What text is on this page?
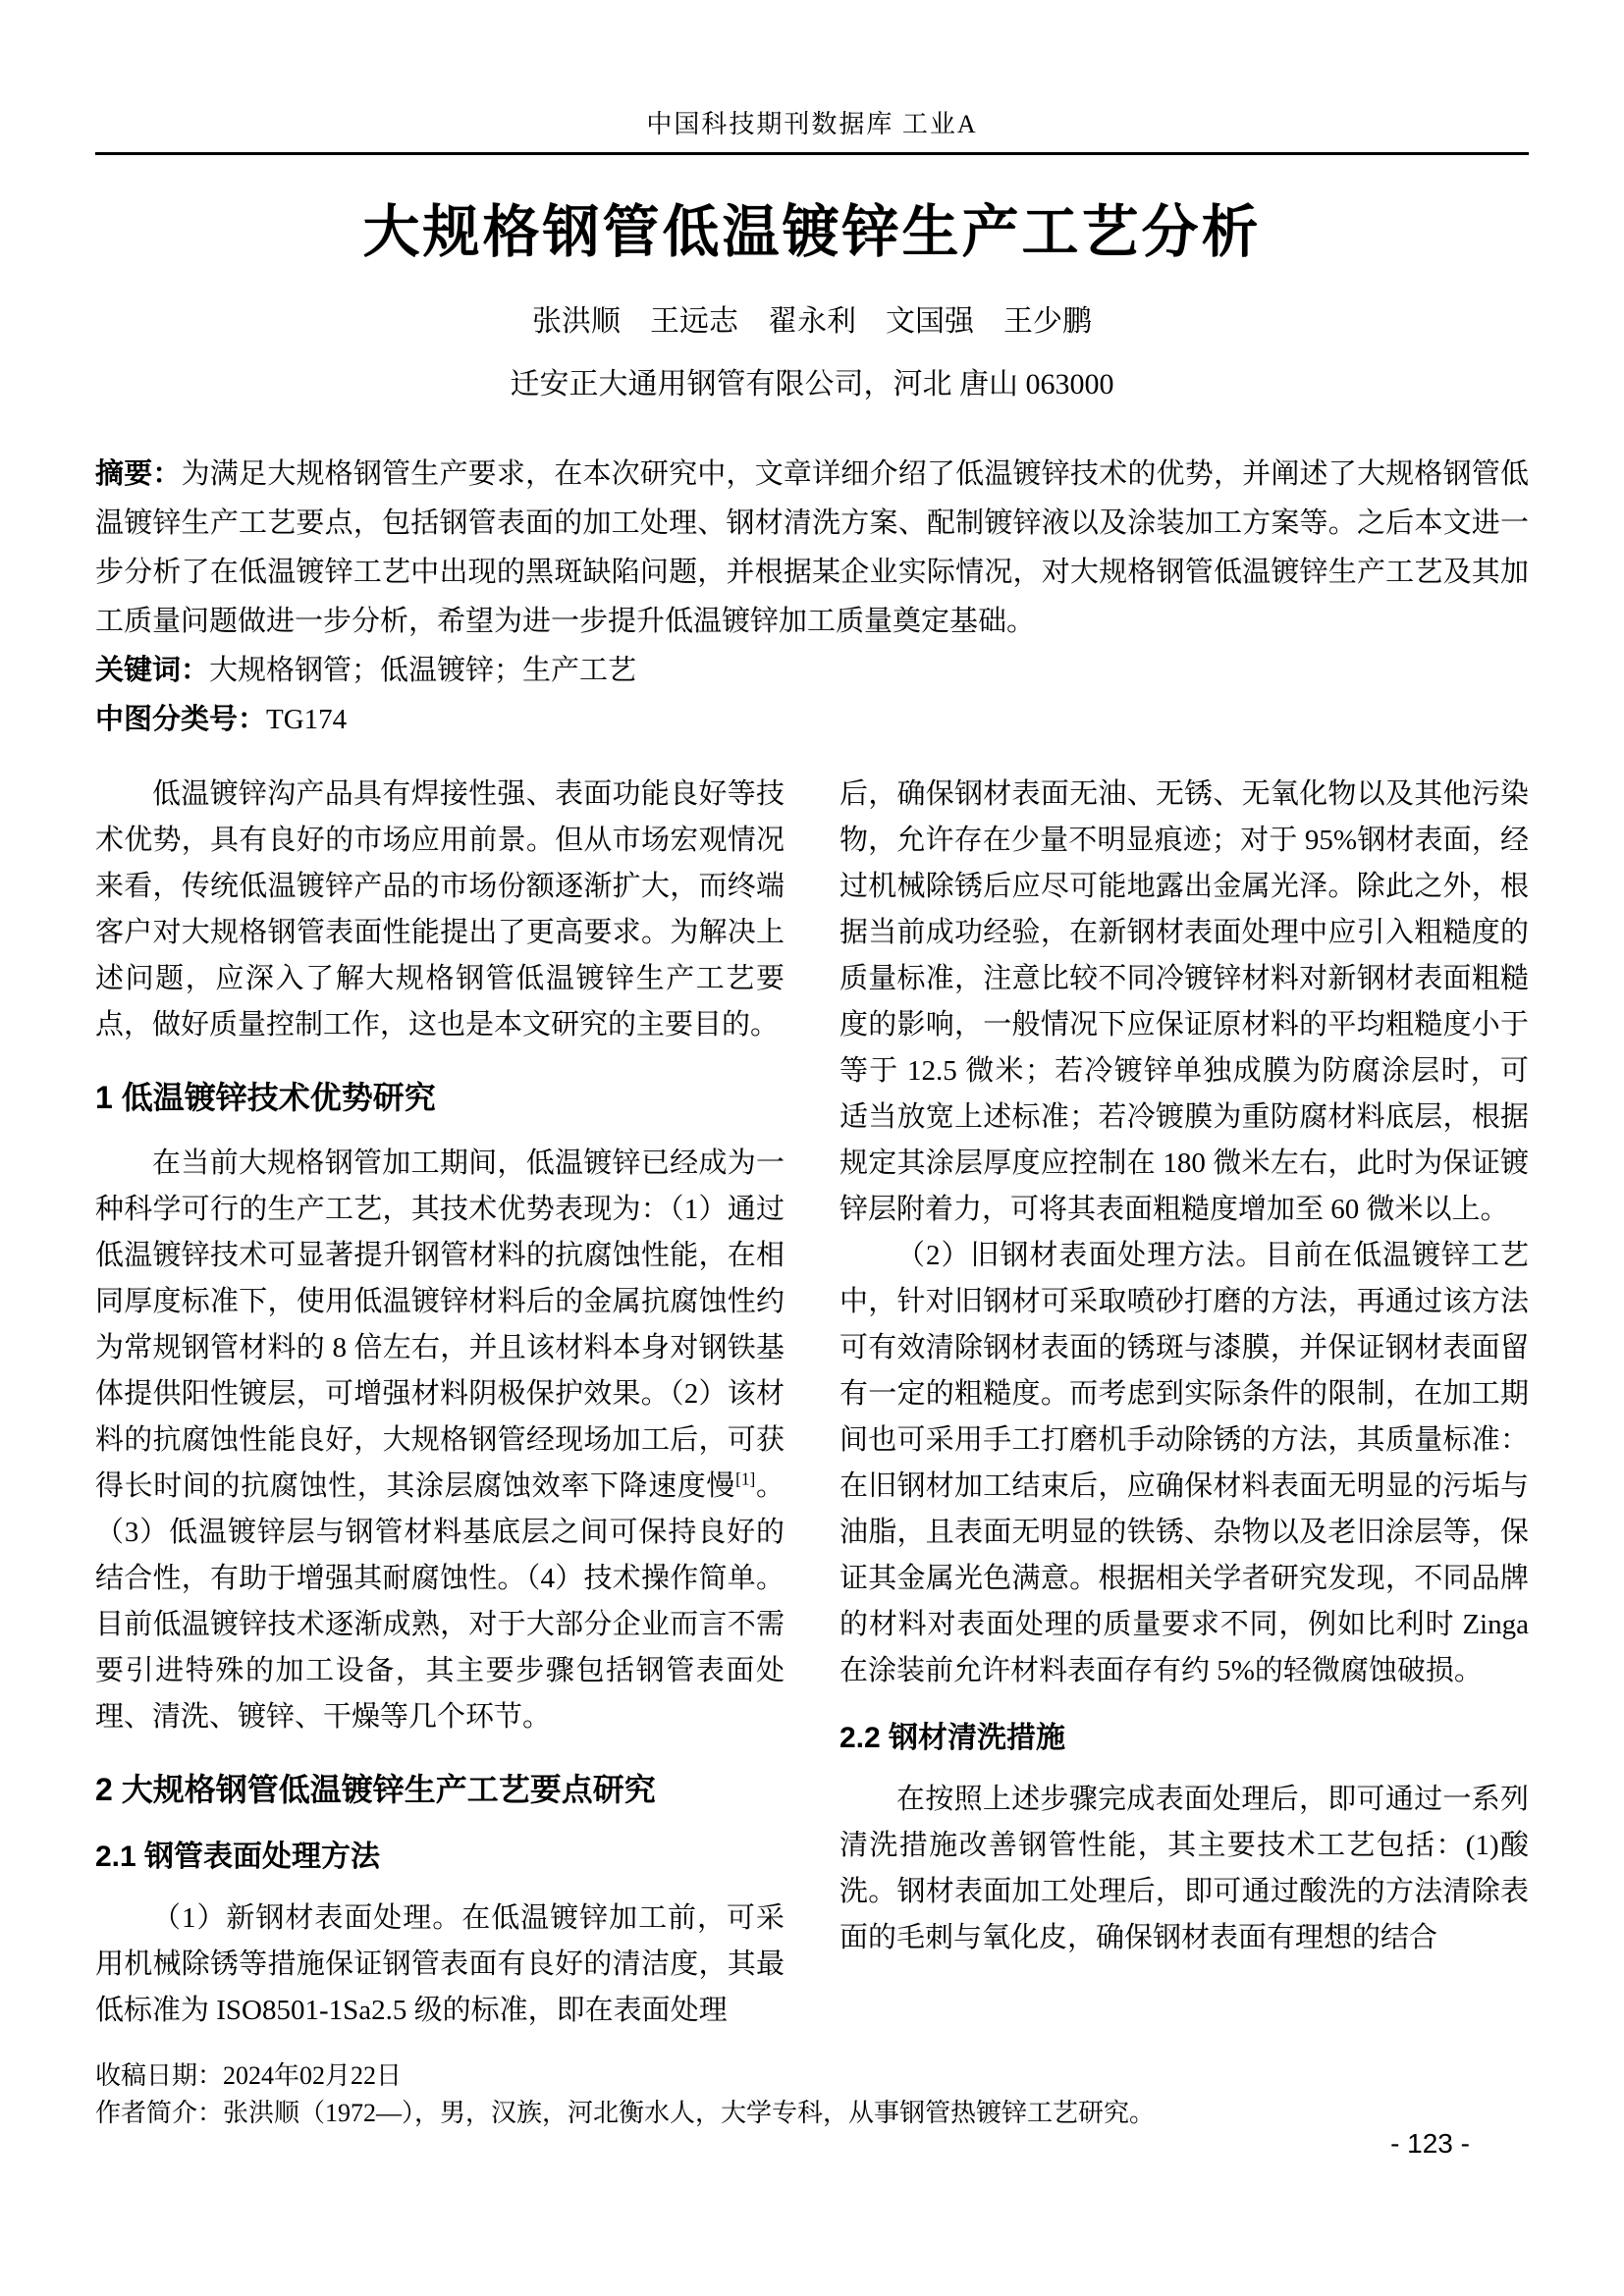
中国科技期刊数据库 工业A
大规格钢管低温镀锌生产工艺分析
张洪顺　王远志　翟永利　文国强　王少鹏
迁安正大通用钢管有限公司，河北 唐山 063000

摘要：为满足大规格钢管生产要求，在本次研究中，文章详细介绍了低温镀锌技术的优势，并阐述了大规格钢管低温镀锌生产工艺要点，包括钢管表面的加工处理、钢材清洗方案、配制镀锌液以及涂装加工方案等。之后本文进一步分析了在低温镀锌工艺中出现的黑斑缺陷问题，并根据某企业实际情况，对大规格钢管低温镀锌生产工艺及其加工质量问题做进一步分析，希望为进一步提升低温镀锌加工质量奠定基础。

关键词：大规格钢管；低温镀锌；生产工艺

中图分类号：TG174

低温镀锌沟产品具有焊接性强、表面功能良好等技术优势，具有良好的市场应用前景。但从市场宏观情况来看，传统低温镀锌产品的市场份额逐渐扩大，而终端客户对大规格钢管表面性能提出了更高要求。为解决上述问题，应深入了解大规格钢管低温镀锌生产工艺要点，做好质量控制工作，这也是本文研究的主要目的。

1 低温镀锌技术优势研究

在当前大规格钢管加工期间，低温镀锌已经成为一种科学可行的生产工艺，其技术优势表现为：（1）通过低温镀锌技术可显著提升钢管材料的抗腐蚀性能，在相同厚度标准下，使用低温镀锌材料后的金属抗腐蚀性约为常规钢管材料的 8 倍左右，并且该材料本身对钢铁基体提供阳性镀层，可增强材料阴极保护效果。（2）该材料的抗腐蚀性能良好，大规格钢管经现场加工后，可获得长时间的抗腐蚀性，其涂层腐蚀效率下降速度慢[1]。（3）低温镀锌层与钢管材料基底层之间可保持良好的结合性，有助于增强其耐腐蚀性。（4）技术操作简单。目前低温镀锌技术逐渐成熟，对于大部分企业而言不需要引进特殊的加工设备，其主要步骤包括钢管表面处理、清洗、镀锌、干燥等几个环节。

2 大规格钢管低温镀锌生产工艺要点研究
2.1 钢管表面处理方法

（1）新钢材表面处理。在低温镀锌加工前，可采用机械除锈等措施保证钢管表面有良好的清洁度，其最低标准为 ISO8501-1Sa2.5 级的标准，即在表面处理

后，确保钢材表面无油、无锈、无氧化物以及其他污染物，允许存在少量不明显痕迹；对于 95%钢材表面，经过机械除锈后应尽可能地露出金属光泽。除此之外，根据当前成功经验，在新钢材表面处理中应引入粗糙度的质量标准，注意比较不同冷镀锌材料对新钢材表面粗糙度的影响，一般情况下应保证原材料的平均粗糙度小于等于 12.5 微米；若冷镀锌单独成膜为防腐涂层时，可适当放宽上述标准；若冷镀膜为重防腐材料底层，根据规定其涂层厚度应控制在 180 微米左右，此时为保证镀锌层附着力，可将其表面粗糙度增加至 60 微米以上。

（2）旧钢材表面处理方法。目前在低温镀锌工艺中，针对旧钢材可采取喷砂打磨的方法，再通过该方法可有效清除钢材表面的锈斑与漆膜，并保证钢材表面留有一定的粗糙度。而考虑到实际条件的限制，在加工期间也可采用手工打磨机手动除锈的方法，其质量标准：在旧钢材加工结束后，应确保材料表面无明显的污垢与油脂，且表面无明显的铁锈、杂物以及老旧涂层等，保证其金属光色满意。根据相关学者研究发现，不同品牌的材料对表面处理的质量要求不同，例如比利时 Zinga 在涂装前允许材料表面存有约 5%的轻微腐蚀破损。

2.2 钢材清洗措施

在按照上述步骤完成表面处理后，即可通过一系列清洗措施改善钢管性能，其主要技术工艺包括：(1)酸洗。钢材表面加工处理后，即可通过酸洗的方法清除表面的毛刺与氧化皮，确保钢材表面有理想的结合

收稿日期：2024年02月22日

作者简介：张洪顺（1972—），男，汉族，河北衡水人，大学专科，从事钢管热镀锌工艺研究。

- 123 -
